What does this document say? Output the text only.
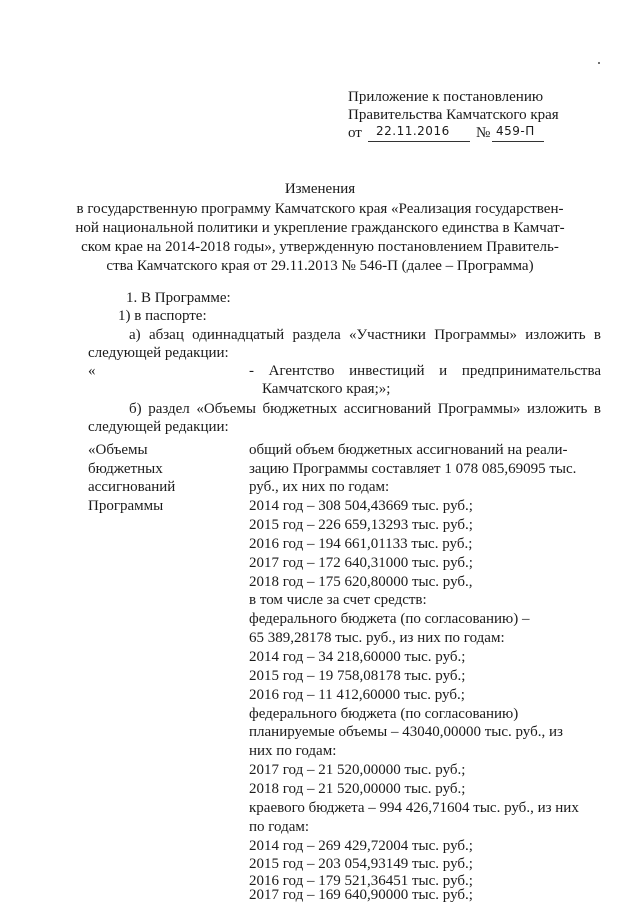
Приложение к постановлению
Правительства Камчатского края
от 22.11.2016 № 459-П
Изменения
в государственную программу Камчатского края «Реализация государствен-
ной национальной политики и укрепление гражданского единства в Камчат-
ском крае на 2014-2018 годы», утвержденную постановлением Правитель-
ства Камчатского края от 29.11.2013 № 546-П (далее – Программа)
1. В Программе:
1) в паспорте:
а) абзац одиннадцатый раздела «Участники Программы» изложить в
следующей редакции:
«	- Агентство инвестиций и предпринимательства
Камчатского края;»;
б) раздел «Объемы бюджетных ассигнований Программы» изложить в
следующей редакции:
«Объемы
бюджетных
ассигнований
Программы
общий объем бюджетных ассигнований на реали-
зацию Программы составляет 1 078 085,69095 тыс.
руб., их них по годам:
2014 год – 308 504,43669 тыс. руб.;
2015 год – 226 659,13293 тыс. руб.;
2016 год – 194 661,01133 тыс. руб.;
2017 год – 172 640,31000 тыс. руб.;
2018 год – 175 620,80000 тыс. руб.,
в том числе за счет средств:
федерального бюджета (по согласованию) –
65 389,28178 тыс. руб., из них по годам:
2014 год – 34 218,60000 тыс. руб.;
2015 год – 19 758,08178 тыс. руб.;
2016 год – 11 412,60000 тыс. руб.;
федерального бюджета (по согласованию)
планируемые объемы – 43040,00000 тыс. руб., из
них по годам:
2017 год – 21 520,00000 тыс. руб.;
2018 год – 21 520,00000 тыс. руб.;
краевого бюджета – 994 426,71604 тыс. руб., из них
по годам:
2014 год – 269 429,72004 тыс. руб.;
2015 год – 203 054,93149 тыс. руб.;
2016 год – 179 521,36451 тыс. руб.;
2017 год – 169 640,90000 тыс. руб.;
